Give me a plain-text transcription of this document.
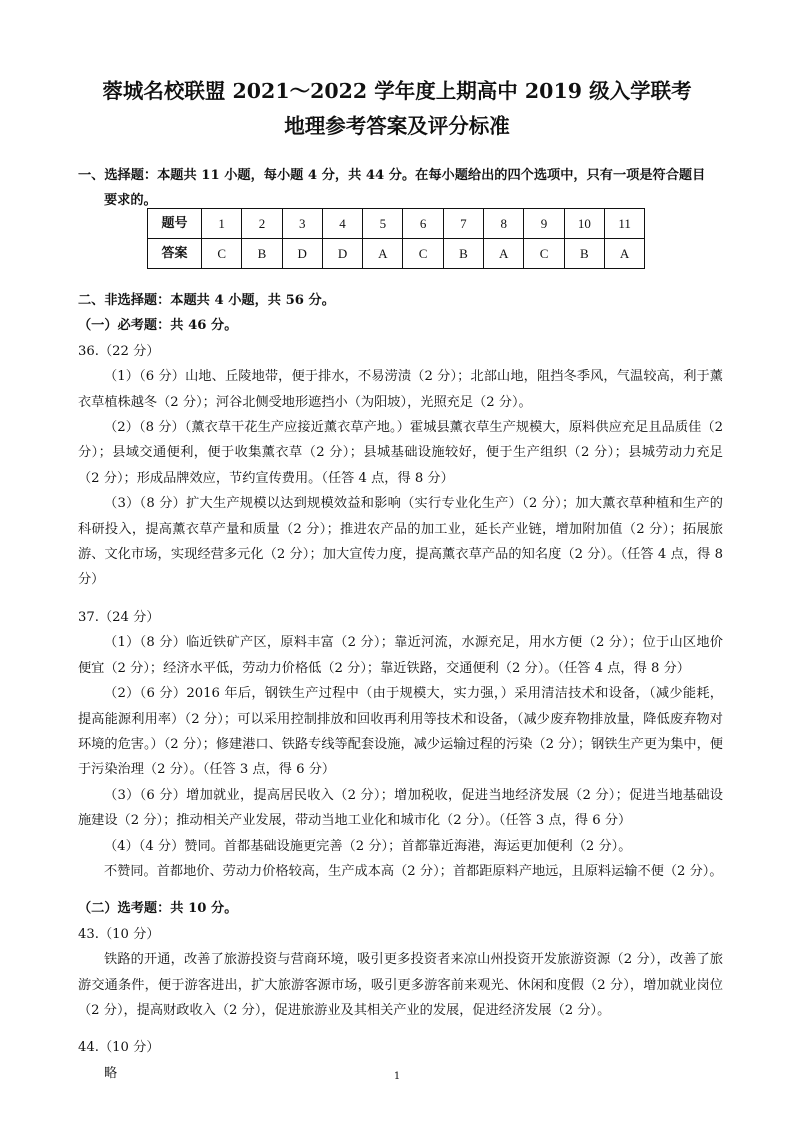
蓉城名校联盟 2021～2022 学年度上期高中 2019 级入学联考
地理参考答案及评分标准

一、选择题：本题共 11 小题，每小题 4 分，共 44 分。在每小题给出的四个选项中，只有一项是符合题目

要求的。

题号	1	2	3	4	5	6	7	8	9	10	11
答案	C	B	D	D	A	C	B	A	C	B	A

二、非选择题：本题共 4 小题，共 56 分。

（一）必考题：共 46 分。

36.（22 分）

（1）（6 分）山地、丘陵地带，便于排水，不易涝渍（2 分）；北部山地，阻挡冬季风，气温较高，利于薰衣草植株越冬（2 分）；河谷北侧受地形遮挡小（为阳坡），光照充足（2 分）。

（2）（8 分）（薰衣草干花生产应接近薰衣草产地。）霍城县薰衣草生产规模大，原料供应充足且品质佳（2 分）；县域交通便利，便于收集薰衣草（2 分）；县城基础设施较好，便于生产组织（2 分）；县城劳动力充足（2 分）；形成品牌效应，节约宣传费用。（任答 4 点，得 8 分）

（3）（8 分）扩大生产规模以达到规模效益和影响（实行专业化生产）（2 分）；加大薰衣草种植和生产的科研投入，提高薰衣草产量和质量（2 分）；推进农产品的加工业，延长产业链，增加附加值（2 分）；拓展旅游、文化市场，实现经营多元化（2 分）；加大宣传力度，提高薰衣草产品的知名度（2 分）。（任答 4 点，得 8 分）

37.（24 分）

（1）（8 分）临近铁矿产区，原料丰富（2 分）；靠近河流，水源充足，用水方便（2 分）；位于山区地价便宜（2 分）；经济水平低，劳动力价格低（2 分）；靠近铁路，交通便利（2 分）。（任答 4 点，得 8 分）

（2）（6 分）2016 年后，钢铁生产过程中（由于规模大，实力强，）采用清洁技术和设备，（减少能耗，提高能源利用率）（2 分）；可以采用控制排放和回收再利用等技术和设备，（减少废弃物排放量，降低废弃物对环境的危害。）（2 分）；修建港口、铁路专线等配套设施，减少运输过程的污染（2 分）；钢铁生产更为集中，便于污染治理（2 分）。（任答 3 点，得 6 分）

（3）（6 分）增加就业，提高居民收入（2 分）；增加税收，促进当地经济发展（2 分）；促进当地基础设施建设（2 分）；推动相关产业发展，带动当地工业化和城市化（2 分）。（任答 3 点，得 6 分）

（4）（4 分）赞同。首都基础设施更完善（2 分）；首都靠近海港，海运更加便利（2 分）。

不赞同。首都地价、劳动力价格较高，生产成本高（2 分）；首都距原料产地远，且原料运输不便（2 分）。

（二）选考题：共 10 分。

43.（10 分）

铁路的开通，改善了旅游投资与营商环境，吸引更多投资者来凉山州投资开发旅游资源（2 分），改善了旅游交通条件，便于游客进出，扩大旅游客源市场，吸引更多游客前来观光、休闲和度假（2 分），增加就业岗位（2 分），提高财政收入（2 分），促进旅游业及其相关产业的发展，促进经济发展（2 分）。

44.（10 分）

略	1
